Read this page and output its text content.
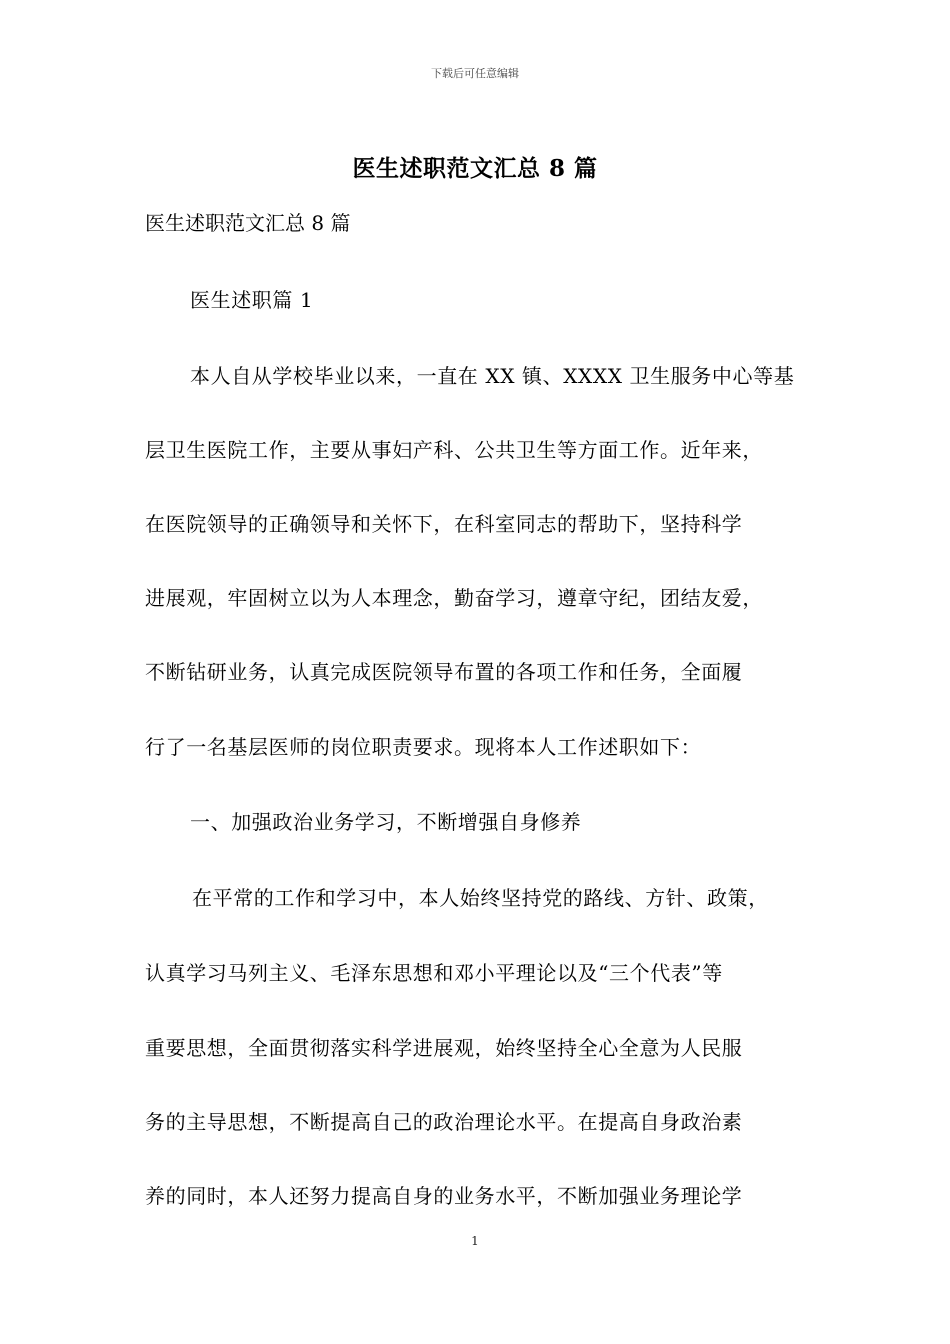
下载后可任意编辑
医生述职范文汇总 8 篇
医生述职范文汇总 8 篇
医生述职篇 1
本人自从学校毕业以来，一直在 XX 镇、XXXX 卫生服务中心等基
层卫生医院工作，主要从事妇产科、公共卫生等方面工作。近年来，
在医院领导的正确领导和关怀下，在科室同志的帮助下，坚持科学
进展观，牢固树立以为人本理念，勤奋学习，遵章守纪，团结友爱，
不断钻研业务，认真完成医院领导布置的各项工作和任务，全面履
行了一名基层医师的岗位职责要求。现将本人工作述职如下：
一、加强政治业务学习，不断增强自身修养
在平常的工作和学习中，本人始终坚持党的路线、方针、政策，
认真学习马列主义、毛泽东思想和邓小平理论以及“三个代表”等
重要思想，全面贯彻落实科学进展观，始终坚持全心全意为人民服
务的主导思想，不断提高自己的政治理论水平。在提高自身政治素
养的同时，本人还努力提高自身的业务水平，不断加强业务理论学
1
